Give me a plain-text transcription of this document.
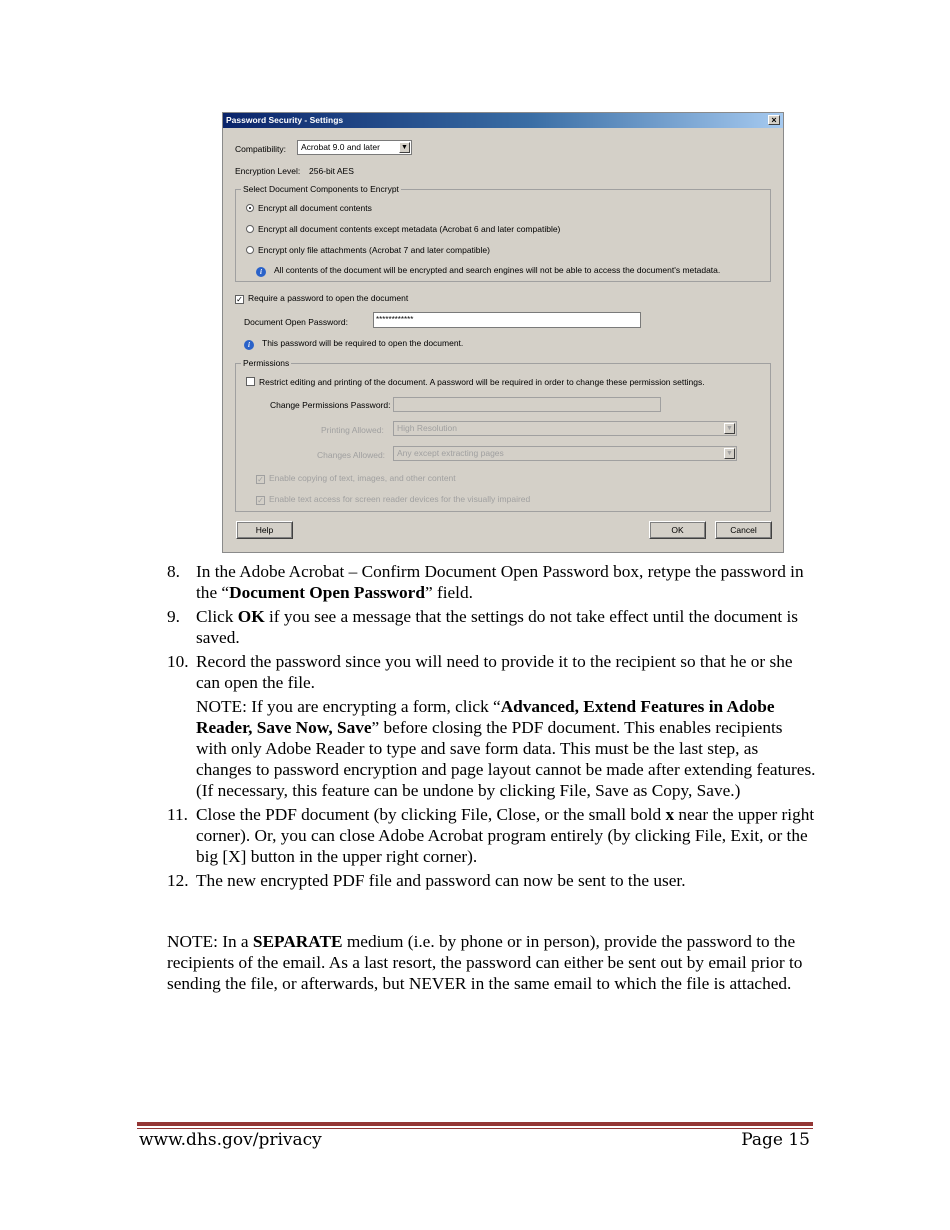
Password Security - Settings	×
Compatibility:	Acrobat 9.0 and later	▼
Encryption Level: 256-bit AES
Select Document Components to Encrypt
Encrypt all document contents
Encrypt all document contents except metadata (Acrobat 6 and later compatible)
Encrypt only file attachments (Acrobat 7 and later compatible)
i All contents of the document will be encrypted and search engines will not be able to access the document's metadata.
✓ Require a password to open the document
Document Open Password:	************
i This password will be required to open the document.
Permissions
Restrict editing and printing of the document. A password will be required in order to change these permission settings.
Change Permissions Password:
Printing Allowed:	High Resolution	▼
Changes Allowed:	Any except extracting pages	▼
✓ Enable copying of text, images, and other content
✓ Enable text access for screen reader devices for the visually impaired
Help	OK	Cancel
8. In the Adobe Acrobat – Confirm Document Open Password box, retype the password in the “Document Open Password” field.
9. Click OK if you see a message that the settings do not take effect until the document is saved.
10. Record the password since you will need to provide it to the recipient so that he or she can open the file.
NOTE: If you are encrypting a form, click “Advanced, Extend Features in Adobe Reader, Save Now, Save” before closing the PDF document. This enables recipients with only Adobe Reader to type and save form data. This must be the last step, as changes to password encryption and page layout cannot be made after extending features. (If necessary, this feature can be undone by clicking File, Save as Copy, Save.)
11. Close the PDF document (by clicking File, Close, or the small bold x near the upper right corner). Or, you can close Adobe Acrobat program entirely (by clicking File, Exit, or the big [X] button in the upper right corner).
12. The new encrypted PDF file and password can now be sent to the user.
NOTE: In a SEPARATE medium (i.e. by phone or in person), provide the password to the recipients of the email. As a last resort, the password can either be sent out by email prior to sending the file, or afterwards, but NEVER in the same email to which the file is attached.
www.dhs.gov/privacy	Page 15
